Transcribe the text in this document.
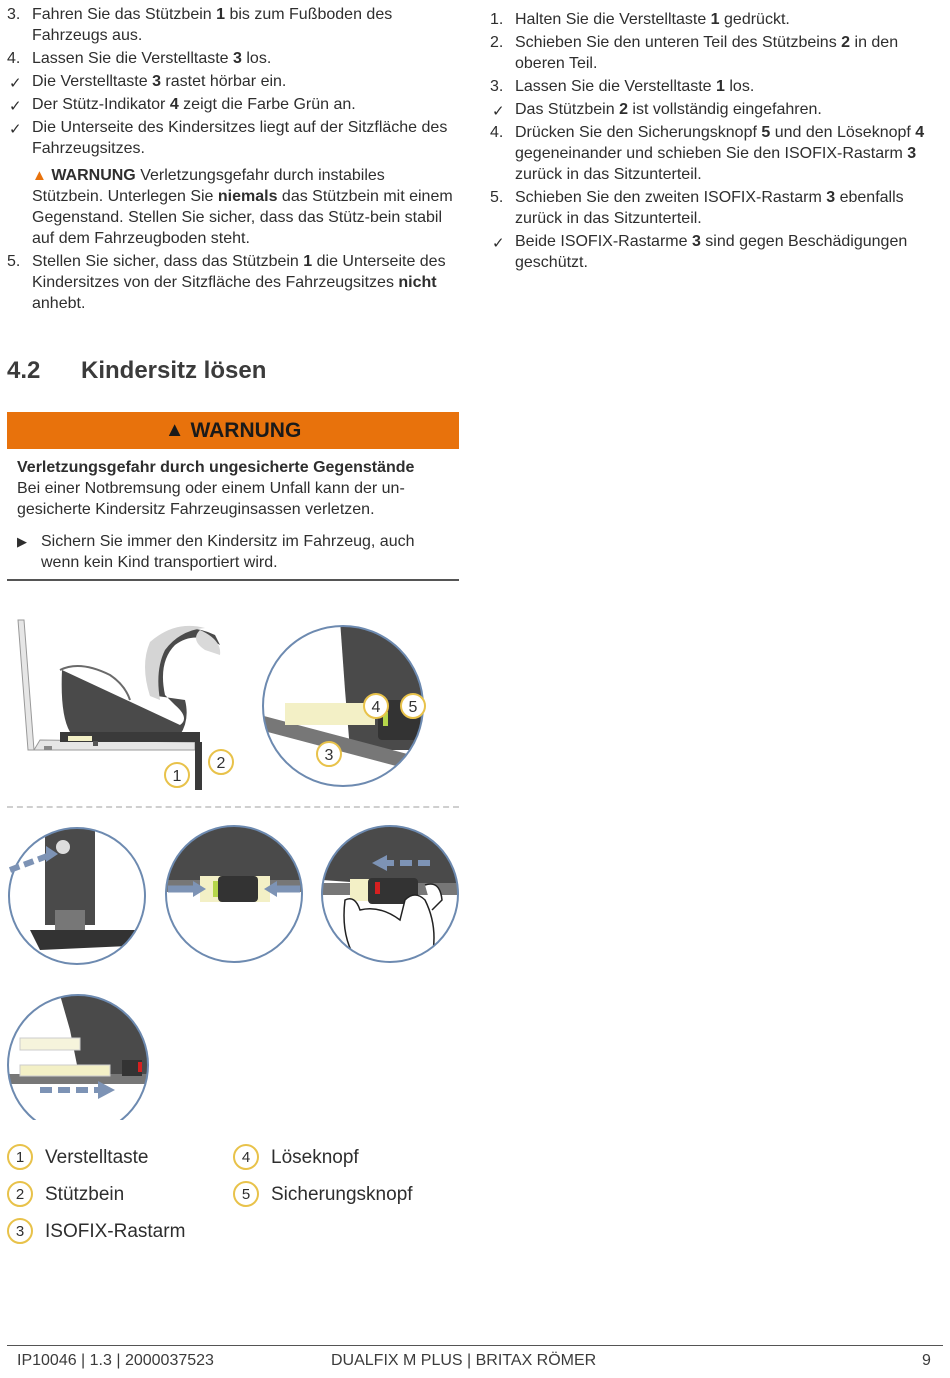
3. Fahren Sie das Stützbein 1 bis zum Fußboden des Fahrzeugs aus.
4. Lassen Sie die Verstelltaste 3 los.
✓ Die Verstelltaste 3 rastet hörbar ein.
✓ Der Stütz-Indikator 4 zeigt die Farbe Grün an.
✓ Die Unterseite des Kindersitzes liegt auf der Sitzfläche des Fahrzeugsitzes.
▲ WARNUNG Verletzungsgefahr durch instabiles Stützbein. Unterlegen Sie niemals das Stützbein mit einem Gegenstand. Stellen Sie sicher, dass das Stütz-bein stabil auf dem Fahrzeugboden steht.
5. Stellen Sie sicher, dass das Stützbein 1 die Unterseite des Kindersitzes von der Sitzfläche des Fahrzeugsitzes nicht anhebt.
1. Halten Sie die Verstelltaste 1 gedrückt.
2. Schieben Sie den unteren Teil des Stützbeins 2 in den oberen Teil.
3. Lassen Sie die Verstelltaste 1 los.
✓ Das Stützbein 2 ist vollständig eingefahren.
4. Drücken Sie den Sicherungsknopf 5 und den Löseknopf 4 gegeneinander und schieben Sie den ISOFIX-Rastarm 3 zurück in das Sitzunterteil.
5. Schieben Sie den zweiten ISOFIX-Rastarm 3 ebenfalls zurück in das Sitzunterteil.
✓ Beide ISOFIX-Rastarme 3 sind gegen Beschädigungen geschützt.
4.2 Kindersitz lösen
▲ WARNUNG
Verletzungsgefahr durch ungesicherte Gegenstände
Bei einer Notbremsung oder einem Unfall kann der un-gesicherte Kindersitz Fahrzeuginsassen verletzen.
▶ Sichern Sie immer den Kindersitz im Fahrzeug, auch wenn kein Kind transportiert wird.
1
2	3
4 5
1	Verstelltaste
2	Stützbein
3	ISOFIX-Rastarm
4	Löseknopf
5	Sicherungsknopf
IP10046 | 1.3 | 2000037523	DUALFIX M PLUS | BRITAX RÖMER	9
